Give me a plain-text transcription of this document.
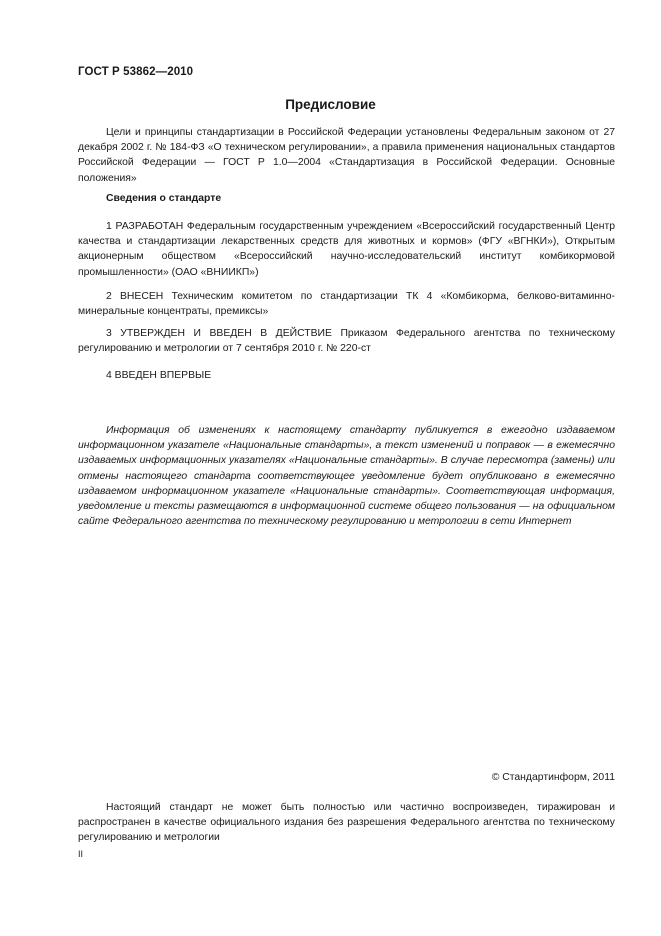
ГОСТ Р 53862—2010
Предисловие
Цели и принципы стандартизации в Российской Федерации установлены Федеральным законом от 27 декабря 2002 г. № 184-ФЗ «О техническом регулировании», а правила применения национальных стандартов Российской Федерации — ГОСТ Р 1.0—2004 «Стандартизация в Российской Федерации. Основные положения»
Сведения о стандарте
1 РАЗРАБОТАН Федеральным государственным учреждением «Всероссийский государственный Центр качества и стандартизации лекарственных средств для животных и кормов» (ФГУ «ВГНКИ»), Открытым акционерным обществом «Всероссийский научно-исследовательский институт комбикормовой промышленности» (ОАО «ВНИИКП»)
2 ВНЕСЕН Техническим комитетом по стандартизации ТК 4 «Комбикорма, белково-витаминно-минеральные концентраты, премиксы»
3 УТВЕРЖДЕН И ВВЕДЕН В ДЕЙСТВИЕ Приказом Федерального агентства по техническому регулированию и метрологии от 7 сентября 2010 г. № 220-ст
4 ВВЕДЕН ВПЕРВЫЕ
Информация об изменениях к настоящему стандарту публикуется в ежегодно издаваемом информационном указателе «Национальные стандарты», а текст изменений и поправок — в ежемесячно издаваемых информационных указателях «Национальные стандарты». В случае пересмотра (замены) или отмены настоящего стандарта соответствующее уведомление будет опубликовано в ежемесячно издаваемом информационном указателе «Национальные стандарты». Соответствующая информация, уведомление и тексты размещаются в информационной системе общего пользования — на официальном сайте Федерального агентства по техническому регулированию и метрологии в сети Интернет
© Стандартинформ, 2011
Настоящий стандарт не может быть полностью или частично воспроизведен, тиражирован и распространен в качестве официального издания без разрешения Федерального агентства по техническому регулированию и метрологии
II
